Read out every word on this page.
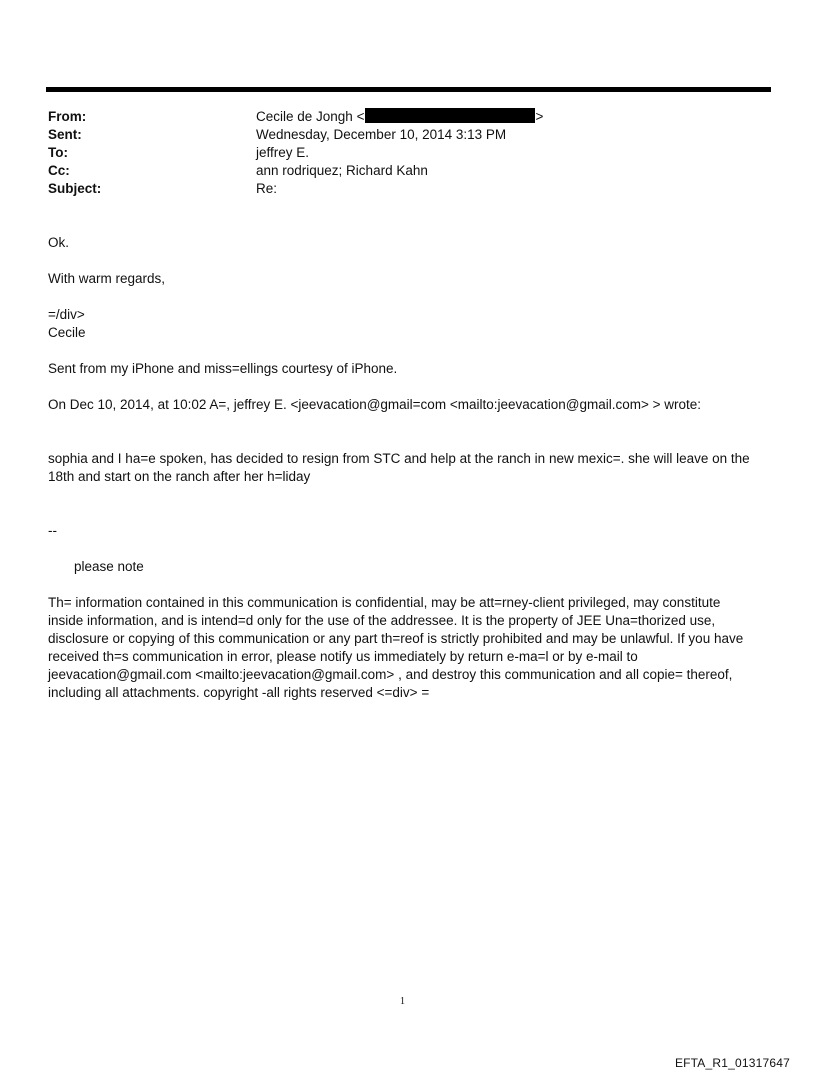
From:	Cecile de Jongh <	>
Sent:	Wednesday, December 10, 2014 3:13 PM
To:	jeffrey E.
Cc:	ann rodriquez; Richard Kahn
Subject:	Re:

Ok.

With warm regards,

=/div>

Cecile

Sent from my iPhone and miss=ellings courtesy of iPhone.

On Dec 10, 2014, at 10:02 A=, jeffrey E. <jeevacation@gmail=com <mailto:jeevacation@gmail.com> > wrote:

sophia and I ha=e spoken, has decided to resign from STC and help at the ranch in new mexic=. she will leave on the 18th and start on the ranch after her h=liday

--

please note

Th= information contained in this communication is confidential, may be att=rney-client privileged, may constitute inside information, and is intend=d only for the use of the addressee. It is the property of JEE Una=thorized use, disclosure or copying of this communication or any part th=reof is strictly prohibited and may be unlawful. If you have received th=s communication in error, please notify us immediately by return e-ma=l or by e-mail to jeevacation@gmail.com <mailto:jeevacation@gmail.com> , and destroy this communication and all copie= thereof, including all attachments. copyright -all rights reserved <=div> =

1
EFTA_R1_01317647
